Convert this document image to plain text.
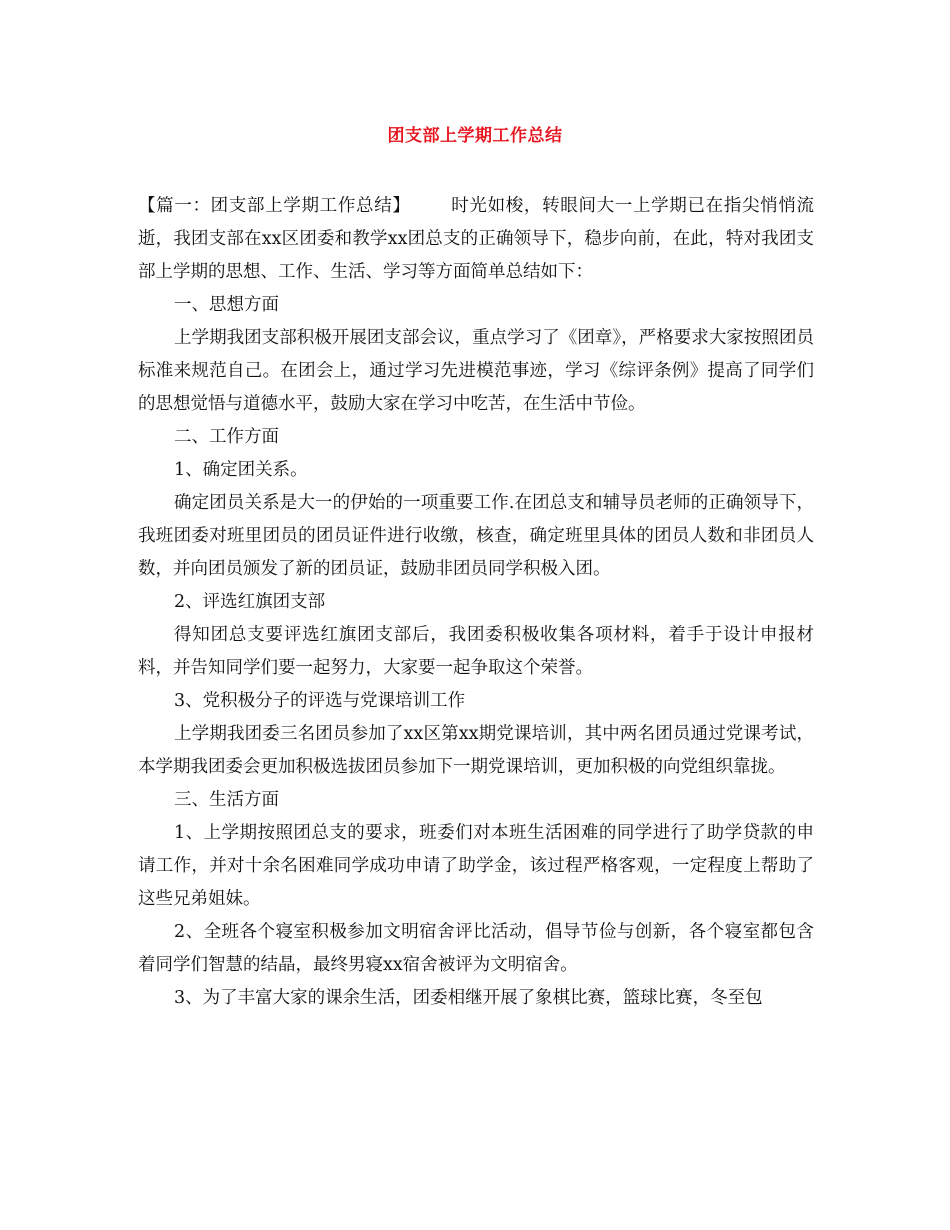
团支部上学期工作总结

【篇一：团支部上学期工作总结】 时光如梭，转眼间大一上学期已在指尖悄悄流逝，我团支部在xx区团委和教学xx团总支的正确领导下，稳步向前，在此，特对我团支部上学期的思想、工作、生活、学习等方面简单总结如下：

一、思想方面

上学期我团支部积极开展团支部会议，重点学习了《团章》，严格要求大家按照团员标准来规范自己。在团会上，通过学习先进模范事迹，学习《综评条例》提高了同学们的思想觉悟与道德水平，鼓励大家在学习中吃苦，在生活中节俭。

二、工作方面

1、确定团关系。

确定团员关系是大一的伊始的一项重要工作.在团总支和辅导员老师的正确领导下，我班团委对班里团员的团员证件进行收缴，核查，确定班里具体的团员人数和非团员人数，并向团员颁发了新的团员证，鼓励非团员同学积极入团。

2、评选红旗团支部

得知团总支要评选红旗团支部后，我团委积极收集各项材料，着手于设计申报材料，并告知同学们要一起努力，大家要一起争取这个荣誉。

3、党积极分子的评选与党课培训工作

上学期我团委三名团员参加了xx区第xx期党课培训，其中两名团员通过党课考试，本学期我团委会更加积极选拔团员参加下一期党课培训，更加积极的向党组织靠拢。

三、生活方面

1、上学期按照团总支的要求，班委们对本班生活困难的同学进行了助学贷款的申请工作，并对十余名困难同学成功申请了助学金，该过程严格客观，一定程度上帮助了这些兄弟姐妹。

2、全班各个寝室积极参加文明宿舍评比活动，倡导节俭与创新，各个寝室都包含着同学们智慧的结晶，最终男寝xx宿舍被评为文明宿舍。

3、为了丰富大家的课余生活，团委相继开展了象棋比赛，篮球比赛，冬至包
